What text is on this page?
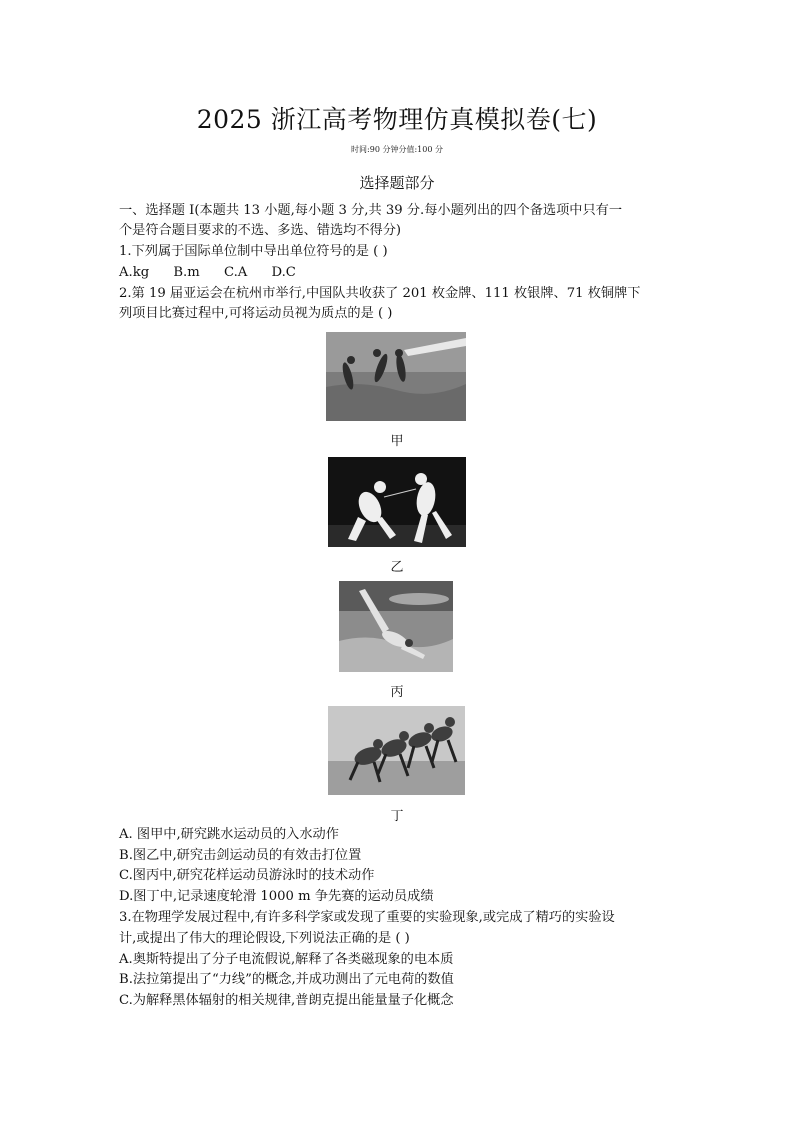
2025 浙江高考物理仿真模拟卷(七)
时间:90 分钟分值:100 分
选择题部分
一、选择题 Ⅰ(本题共 13 小题,每小题 3 分,共 39 分.每小题列出的四个备选项中只有一
个是符合题目要求的不选、多选、错选均不得分)
1.下列属于国际单位制中导出单位符号的是 ( )
A.kg B.m C.A D.C
2.第 19 届亚运会在杭州市举行,中国队共收获了 201 枚金牌、111 枚银牌、71 枚铜牌下
列项目比赛过程中,可将运动员视为质点的是 ( )
甲
乙
丙
丁
A. 图甲中,研究跳水运动员的入水动作
B.图乙中,研究击剑运动员的有效击打位置
C.图丙中,研究花样运动员游泳时的技术动作
D.图丁中,记录速度轮滑 1000 m 争先赛的运动员成绩
3.在物理学发展过程中,有许多科学家或发现了重要的实验现象,或完成了精巧的实验设
计,或提出了伟大的理论假设,下列说法正确的是 ( )
A.奥斯特提出了分子电流假说,解释了各类磁现象的电本质
B.法拉第提出了“力线”的概念,并成功测出了元电荷的数值
C.为解释黑体辐射的相关规律,普朗克提出能量量子化概念
